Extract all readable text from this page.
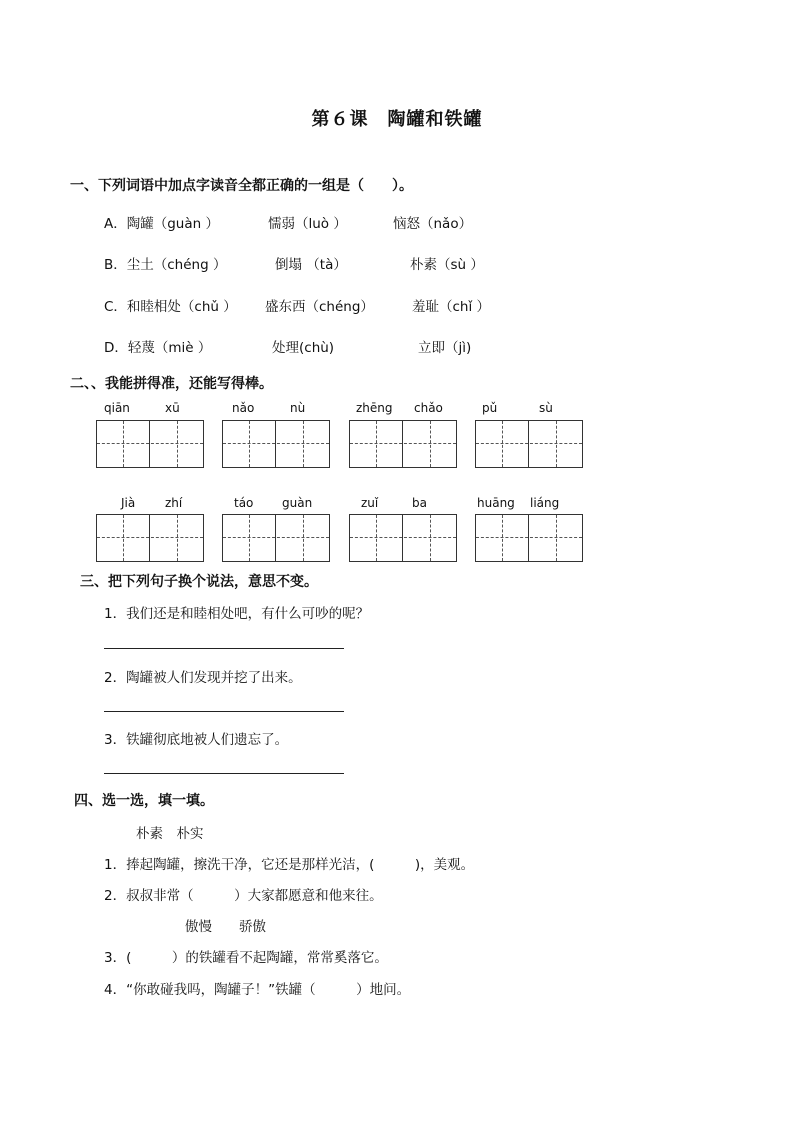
第６课　陶罐和铁罐
一、下列词语中加点字读音全都正确的一组是（　　）。
A．陶罐（guàn ）	懦弱（luò ）	恼怒（nǎo）
B．尘土（chéng ）	倒塌 （tà）	朴素（sù ）
C．和睦相处（chǔ ） 盛东西（chéng）	羞耻（chǐ ）
D．轻蔑（miè ）	处理(chù)	立即（jì)
二、、我能拼得准，还能写得棒。
qiān	xū	nǎo	nù	zhēng chǎo	pǔ	sù
Jià zhí	táo guàn	zuǐ	ba	huāng liáng
三、把下列句子换个说法，意思不变。
1．我们还是和睦相处吧，有什么可吵的呢？
2．陶罐被人们发现并挖了出来。
3．铁罐彻底地被人们遗忘了。
四、选一选，填一填。
朴素　朴实
1．捧起陶罐，擦洗干净，它还是那样光洁，(　　　)，美观。
2．叔叔非常（　　　）大家都愿意和他来往。
傲慢　　骄傲
3．(　　　）的铁罐看不起陶罐，常常奚落它。
4．“你敢碰我吗，陶罐子！”铁罐（　　　）地问。
